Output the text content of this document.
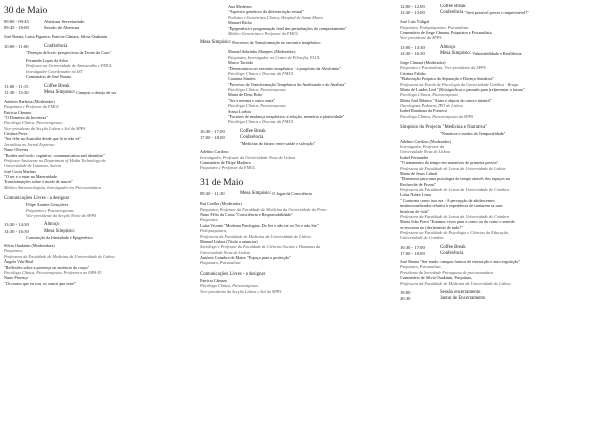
30 de Maio
09:00 - 09:45	Abertura Secretariado
09:45 - 10:00	Sessão de Abertura
José Barata, Luísa Figueira, Patrícia Câmara, Sílvia Ouakinin
10:00 - 11:00	Conferência
"Doenças difíceis: perspectivas da Teoria do Caos"
Fernando Lopes da Silva
Professor na Universidade de Amesterdão e FMUL
Investigador Coordenador no IST
Comentário de José Barata
11:00 - 11:15	Coffee Break
11:30 - 13:30	Mesa Simpósio:
Cumprir o desejo de ser
António Barbosa (Moderador)
Psiquiatra e Professor da FMUL
Patrícia Câmara
"O Domínio da Incerteza"
Psicóloga Clínica, Psicoterapeuta,
Vice-presidente da Secção Lisboa e Sul da SPPS
Cristina Peres
"Ser feliz na Austrália desde que lá se não vá"
Jornalista no Jornal Expresso
Nuno Oliveira
"Bodies and tools: cognitive, communication and identities"
Professor Assistente no Department of Media Technology da
Universidade de Linnaeus, Suécia
José Costa Martins
"O ser e o estar na Maternidade.
Transformações sobre o modo de nascer"
Médico Anestesiologista, Investigador em Psicossomática
Comunicações Livres - a designar
Filipe Arantes Gonçalves
Psiquiatra e Psicoterapeuta;
Vice-presidente da Secção Norte da SPPS
13:30 - 14:30	Almoço
14:30 - 16:30	Mesa Simpósio:
Construção da Identidade e Epigenética
Sílvia Ouakinin (Moderadora)
Psiquiatra,
Professora da Faculdade de Medicina da Universidade de Lisboa
Ângela Vila-Real
"Reflexões sobre a presença ou ausência do corpo"
Psicóloga Clínica, Psicoterapeuta, Professora no ISPA-IU
Nuno Proença
"Os outros que eu sou, os outros que serei"
Ana Medeiros
"Aspectos genéticos da diferenciação sexual"
Pediatra e Geneticista Clínica, Hospital de Santa Maria
Manuel Bicho
"Epigenética e programação fetal das perturbações do comportamento"
Médico Geneticista e Professor da FMUL
Mesa Simpósio:
Processos de Transformação no encontro terapêutico
Manuel Sobrinho Marques (Moderador)
Psiquiatra, Investigador no Centro de Filosofia, FLUL
Marco Torrado
"Desencontros no encontro terapêutico - a propósito da Alexitimia"
Psicólogo Clínico e Docente da FMUL
Catarina Simões
"Processo de Transformação Terapêutica do Analisando e do Analista"
Psicóloga Clínica, Psicoterapeuta
Maria de Deus Brito
"Ser a mesma e outra outra"
Psicóloga Clínica, Psicoterapeuta
Sousa Loebia
"Factores de mudança terapêutica: a relação, memória e plasticidade"
Psicóloga Clínica e Docente da FMUL
16:30 - 17:00	Coffee Break
17:00 - 18:00	Conferência
"Medicina do futuro: entre saúde e salvação"
Adelino Cardoso
Investigador, Professor da Universidade Nova de Lisboa
Comentário de Filipe Madeira
Psiquiatra e Professor da FMUL
31 de Maio
09:30 - 11:30	Mesa Simpósio:
O Jogar da Consciência
Rui Coelho (Moderador)
Psiquiatra, Professor da Faculdade de Medicina da Universidade do Porto
Nuno Félix da Costa "Consciência e Responsabilidade"
Psiquiatra
Luísa Vicente "Moderna Patologias: Do Ser e não ter ao Ter e não Ser"
Pedopsiquiatra,
Professora da Faculdade de Medicina da Universidade de Lisboa
Manuel Lisboa (Título a anunciar)
Sociólogo e Professor da Faculdade de Ciências Sociais e Humanas da
Universidade Nova de Lisboa
António Coimbra de Matos "Espaço para a protecção"
Psiquiatra, Psicanalista
Comunicações Livres - a designar
Patrícia Câmara
Psicóloga Clínica, Psicoterapeuta,
Vice-presidente da Secção Lisboa e Sul da SPPS
12:00 - 12:00	Coffee Break
12:30 - 13:00	Conferência
"Será possível prever o imprevisível?"
José Luís Vidigal
Psiquiatra, Pedopsiquiatra, Psicanalista
Comentário de Jorge Câmara, Psiquiatra e Psicanalista,
Vice-presidente da SPPS
13:00 - 14:30	Almoço
14:30 - 16:30	Mesa Simpósio:
Vulnerabilidade e Resiliência
Jorge Câmara (Moderador)
Psiquiatra e Psicanalista, Vice-presidente da SPPS
Cristina Fabião
"Elaboração Psíquica da Separação e Doença Somática"
Professora na Escola de Psicologia da Universidade Católica - Braga
Maria de Lurdes Leal "(Re)significar o passado para (re)inventar o futuro"
Psicóloga Clínica, Psicoterapeuta
Maria José Ribeiro "Antes e depois do cancro infantil"
Oncologista Pediatra, IPO de Lisboa
Isabel Barahona da Fonseca
Psicóloga Clínica, Psicoterapeuta da SPPS
Simpósio do Projecto "Medicina e Narrativa"
"Narrativa e modos da Temporalidade"
Adelino Cardoso (Moderador)
Investigador, Professor da
Universidade Nova de Lisboa
Isabel Fernandes
"O tratamento do tempo em narrativas de primeira pessoa"
Professora da Faculdade de Letras da Universidade de Lisboa
Maria de Jesus Cabral
"Elementos para uma psicologia do tempo através dos espaços na
Recherche de Proust"
Professora da Faculdade de Letras da Universidade de Coimbra
Luísa Nobre Lima
" Conta-me como isso era - A percepção de adolescentes
institucionalizados relativa à experiência de contarem as suas
histórias de vida"
Professora da Faculdade de Letras da Universidade de Coimbra
Maria João Ferro "Estamos vivos para o conto ou do conto o sentido
se encontra no (des)sentido de tudo?"
Professora na Faculdade de Psicologia e Ciências da Educação,
Universidade de Coimbra
16:30 - 17:00	Coffee Break
17:00 - 18:00	Conferência
José Barata "Ser sendo: campos futuros de interacção e auto-regulação"
Psiquiatra, Psicanalista,
Presidente da Sociedade Portuguesa de psicossomática
Comentário de Sílvia Ouakinin, Psiquiatra,
Professora da Faculdade de Medicina da Universidade de Lisboa
18:00	Sessão encerramento
20:30	Jantar de Encerramento
